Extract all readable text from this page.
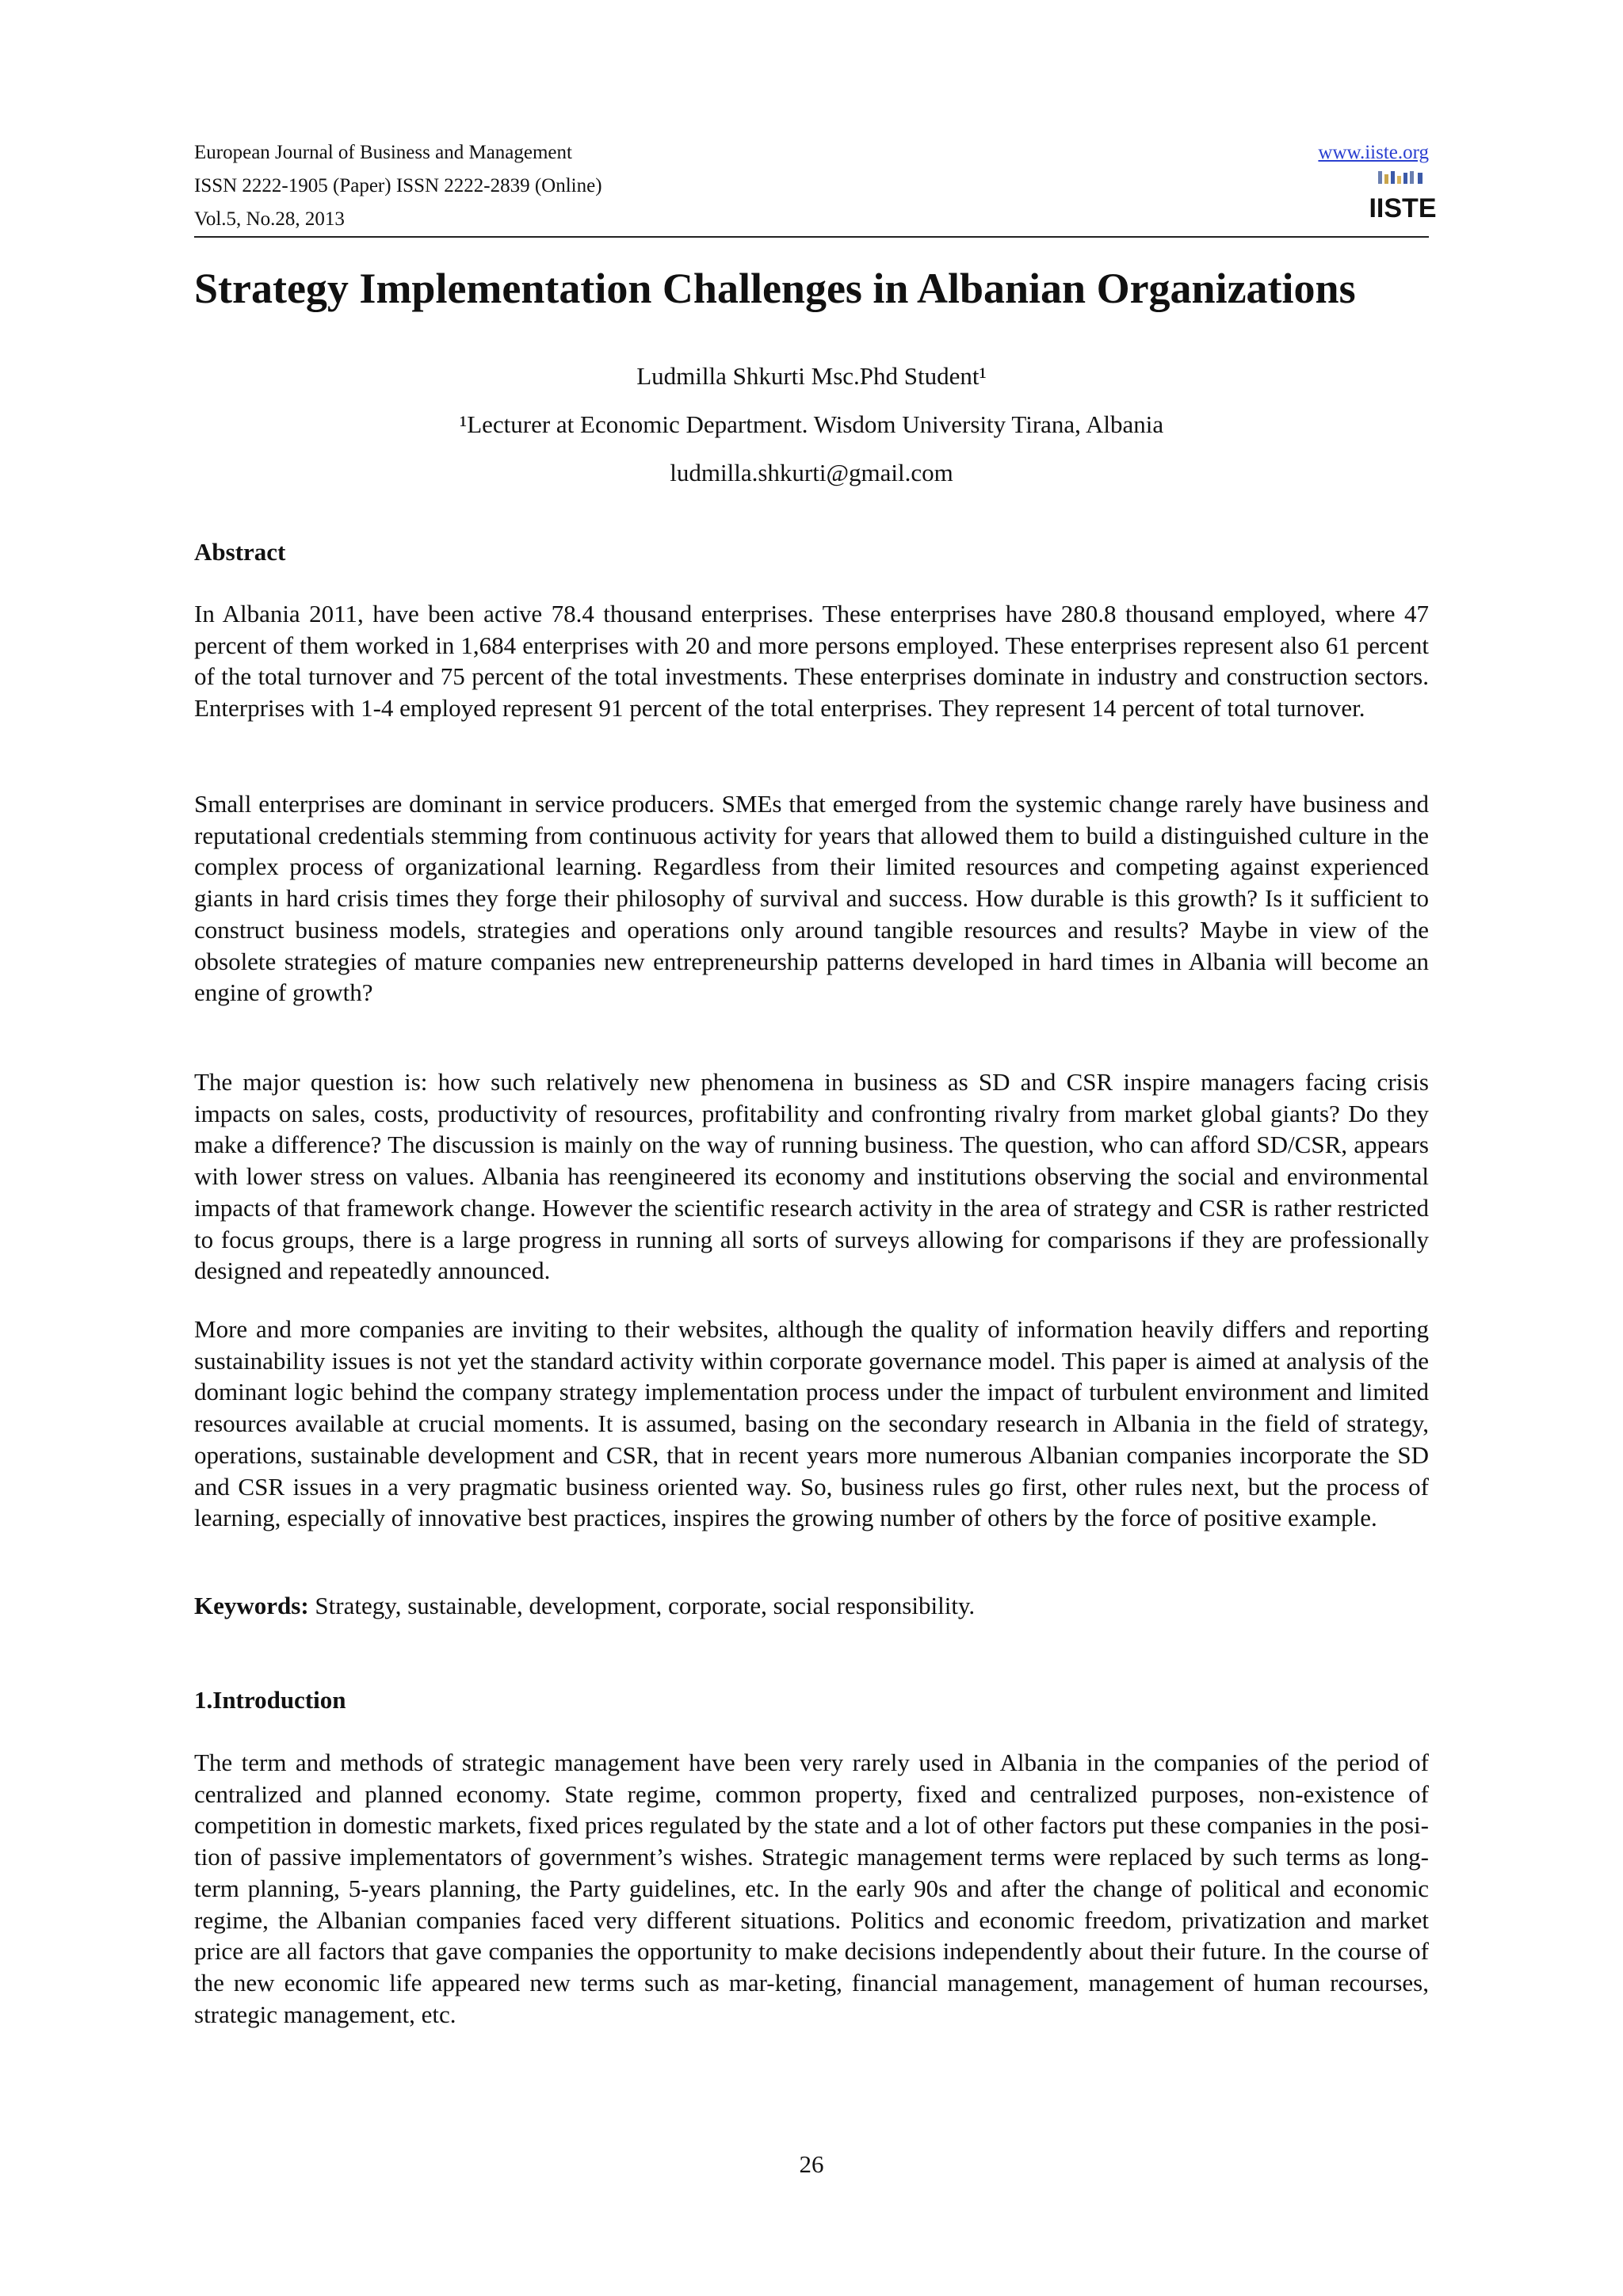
European Journal of Business and Management
ISSN 2222-1905 (Paper) ISSN 2222-2839 (Online)
Vol.5, No.28, 2013
www.iiste.org
IISTE
Strategy Implementation Challenges in Albanian Organizations
Ludmilla Shkurti Msc.Phd Student¹
¹Lecturer at Economic Department. Wisdom University Tirana, Albania
ludmilla.shkurti@gmail.com
Abstract

In Albania 2011, have been active 78.4 thousand enterprises. These enterprises have 280.8 thousand employed, where 47 percent of them worked in 1,684 enterprises with 20 and more persons employed. These enterprises represent also 61 percent of the total turnover and 75 percent of the total investments. These enterprises dominate in industry and construction sectors. Enterprises with 1-4 employed represent 91 percent of the total enterprises. They represent 14 percent of total turnover.

Small enterprises are dominant in service producers. SMEs that emerged from the systemic change rarely have business and reputational credentials stemming from continuous activity for years that allowed them to build a distinguished culture in the complex process of organizational learning. Regardless from their limited resources and competing against experienced giants in hard crisis times they forge their philosophy of survival and success. How durable is this growth? Is it sufficient to construct business models, strategies and operations only around tangible resources and results? Maybe in view of the obsolete strategies of mature companies new entrepreneurship patterns developed in hard times in Albania will become an engine of growth?

The major question is: how such relatively new phenomena in business as SD and CSR inspire managers facing crisis impacts on sales, costs, productivity of resources, profitability and confronting rivalry from market global giants? Do they make a difference? The discussion is mainly on the way of running business. The question, who can afford SD/CSR, appears with lower stress on values. Albania has reengineered its economy and institutions observing the social and environmental impacts of that framework change. However the scientific research activity in the area of strategy and CSR is rather restricted to focus groups, there is a large progress in running all sorts of surveys allowing for comparisons if they are professionally designed and repeatedly announced.

More and more companies are inviting to their websites, although the quality of information heavily differs and reporting sustainability issues is not yet the standard activity within corporate governance model. This paper is aimed at analysis of the dominant logic behind the company strategy implementation process under the impact of turbulent environment and limited resources available at crucial moments. It is assumed, basing on the secondary research in Albania in the field of strategy, operations, sustainable development and CSR, that in recent years more numerous Albanian companies incorporate the SD and CSR issues in a very pragmatic business oriented way. So, business rules go first, other rules next, but the process of learning, especially of innovative best practices, inspires the growing number of others by the force of positive example.

Keywords: Strategy, sustainable, development, corporate, social responsibility.

1.Introduction

The term and methods of strategic management have been very rarely used in Albania in the companies of the period of centralized and planned economy. State regime, common property, fixed and centralized purposes, non-existence of competition in domestic markets, fixed prices regulated by the state and a lot of other factors put these companies in the posi-tion of passive implementators of government’s wishes. Strategic management terms were replaced by such terms as long-term planning, 5-years planning, the Party guidelines, etc. In the early 90s and after the change of political and economic regime, the Albanian companies faced very different situations. Politics and economic freedom, privatization and market price are all factors that gave companies the opportunity to make decisions independently about their future. In the course of the new economic life appeared new terms such as mar-keting, financial management, management of human recourses, strategic management, etc.

26
